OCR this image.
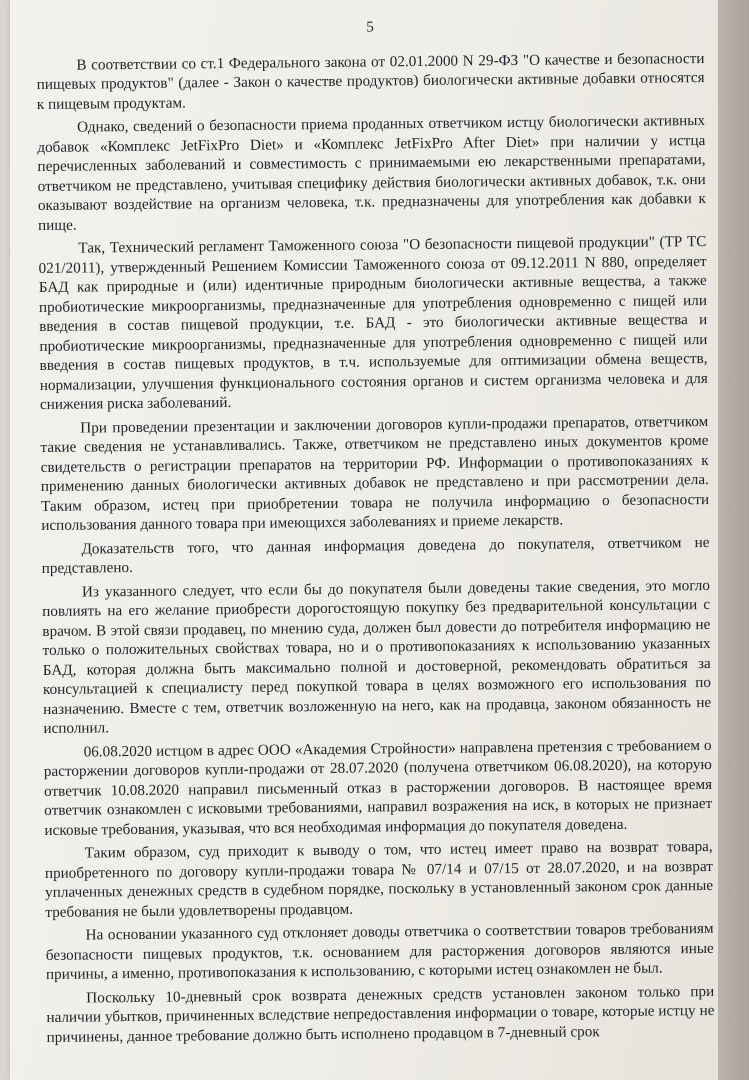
5

В соответствии со ст.1 Федерального закона от 02.01.2000 N 29-ФЗ "О качестве и безопасности пищевых продуктов" (далее - Закон о качестве продуктов) биологически активные добавки относятся к пищевым продуктам.

Однако, сведений о безопасности приема проданных ответчиком истцу биологически активных добавок «Комплекс JetFixPro Diet» и «Комплекс JetFixPro After Diet» при наличии у истца перечисленных заболеваний и совместимость с принимаемыми ею лекарственными препаратами, ответчиком не представлено, учитывая специфику действия биологически активных добавок, т.к. они оказывают воздействие на организм человека, т.к. предназначены для употребления как добавки к пище.

Так, Технический регламент Таможенного союза "О безопасности пищевой продукции" (ТР ТС 021/2011), утвержденный Решением Комиссии Таможенного союза от 09.12.2011 N 880, определяет БАД как природные и (или) идентичные природным биологически активные вещества, а также пробиотические микроорганизмы, предназначенные для употребления одновременно с пищей или введения в состав пищевой продукции, т.е. БАД - это биологически активные вещества и пробиотические микроорганизмы, предназначенные для употребления одновременно с пищей или введения в состав пищевых продуктов, в т.ч. используемые для оптимизации обмена веществ, нормализации, улучшения функционального состояния органов и систем организма человека и для снижения риска заболеваний.

При проведении презентации и заключении договоров купли-продажи препаратов, ответчиком такие сведения не устанавливались. Также, ответчиком не представлено иных документов кроме свидетельств о регистрации препаратов на территории РФ. Информации о противопоказаниях к применению данных биологически активных добавок не представлено и при рассмотрении дела. Таким образом, истец при приобретении товара не получила информацию о безопасности использования данного товара при имеющихся заболеваниях и приеме лекарств.

Доказательств того, что данная информация доведена до покупателя, ответчиком не представлено.

Из указанного следует, что если бы до покупателя были доведены такие сведения, это могло повлиять на его желание приобрести дорогостоящую покупку без предварительной консультации с врачом. В этой связи продавец, по мнению суда, должен был довести до потребителя информацию не только о положительных свойствах товара, но и о противопоказаниях к использованию указанных БАД, которая должна быть максимально полной и достоверной, рекомендовать обратиться за консультацией к специалисту перед покупкой товара в целях возможного его использования по назначению. Вместе с тем, ответчик возложенную на него, как на продавца, законом обязанность не исполнил.

06.08.2020 истцом в адрес ООО «Академия Стройности» направлена претензия с требованием о расторжении договоров купли-продажи от 28.07.2020 (получена ответчиком 06.08.2020), на которую ответчик 10.08.2020 направил письменный отказ в расторжении договоров. В настоящее время ответчик ознакомлен с исковыми требованиями, направил возражения на иск, в которых не признает исковые требования, указывая, что вся необходимая информация до покупателя доведена.

Таким образом, суд приходит к выводу о том, что истец имеет право на возврат товара, приобретенного по договору купли-продажи товара № 07/14 и 07/15 от 28.07.2020, и на возврат уплаченных денежных средств в судебном порядке, поскольку в установленный законом срок данные требования не были удовлетворены продавцом.

На основании указанного суд отклоняет доводы ответчика о соответствии товаров требованиям безопасности пищевых продуктов, т.к. основанием для расторжения договоров являются иные причины, а именно, противопоказания к использованию, с которыми истец ознакомлен не был.

Поскольку 10-дневный срок возврата денежных средств установлен законом только при наличии убытков, причиненных вследствие непредоставления информации о товаре, которые истцу не причинены, данное требование должно быть исполнено продавцом в 7-дневный срок
